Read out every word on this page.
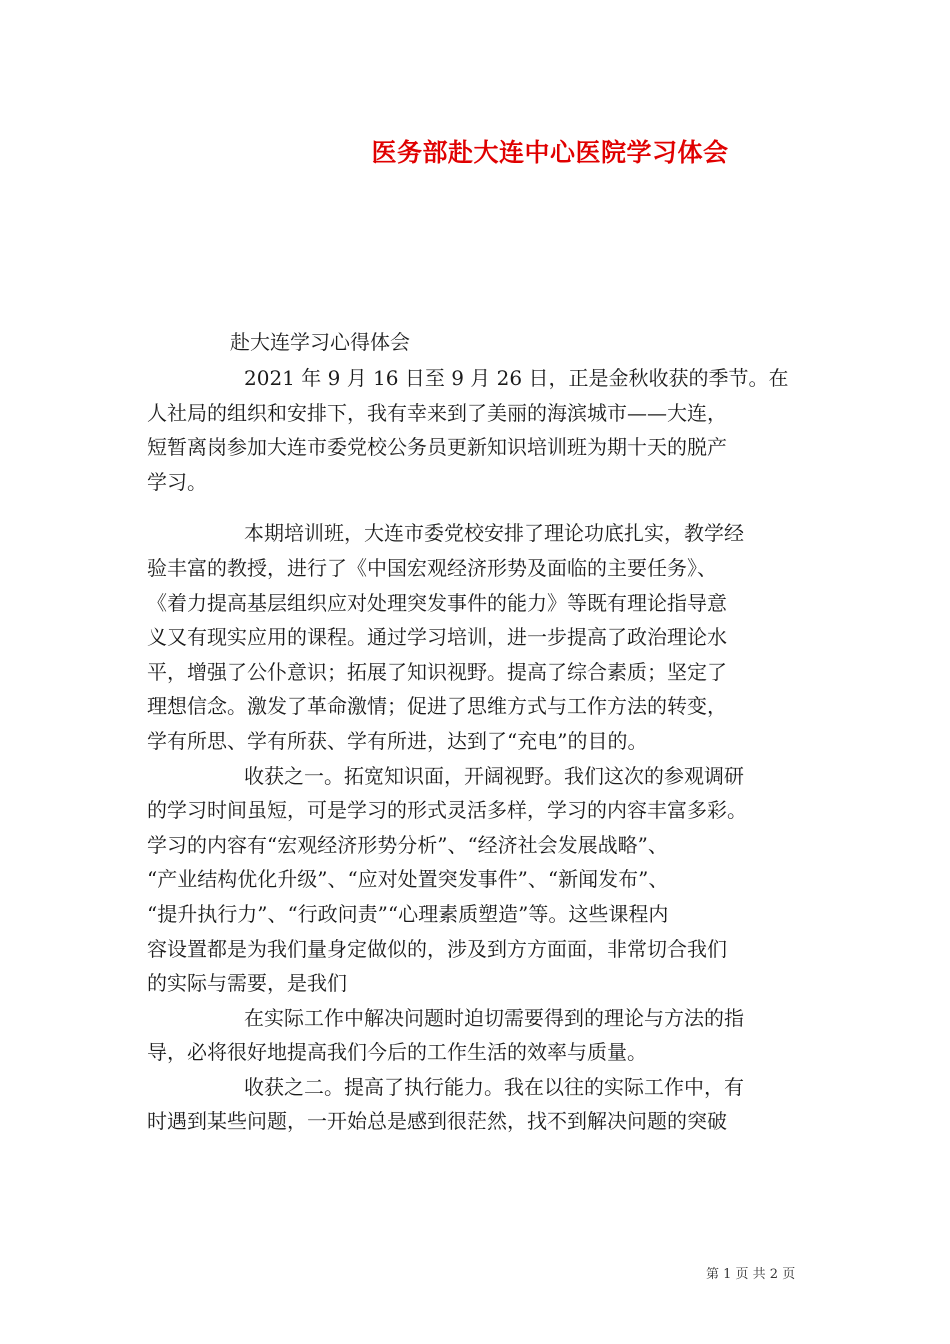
医务部赴大连中心医院学习体会
赴大连学习心得体会

2021 年 9 月 16 日至 9 月 26 日，正是金秋收获的季节。在
人社局的组织和安排下，我有幸来到了美丽的海滨城市——大连，
短暂离岗参加大连市委党校公务员更新知识培训班为期十天的脱产
学习。

本期培训班，大连市委党校安排了理论功底扎实，教学经
验丰富的教授，进行了《中国宏观经济形势及面临的主要任务》、
《着力提高基层组织应对处理突发事件的能力》等既有理论指导意
义又有现实应用的课程。通过学习培训，进一步提高了政治理论水
平，增强了公仆意识；拓展了知识视野。提高了综合素质；坚定了
理想信念。激发了革命激情；促进了思维方式与工作方法的转变，
学有所思、学有所获、学有所进，达到了“充电”的目的。

收获之一。拓宽知识面，开阔视野。我们这次的参观调研
的学习时间虽短，可是学习的形式灵活多样，学习的内容丰富多彩。
学习的内容有“宏观经济形势分析”、“经济社会发展战略”、
“产业结构优化升级”、“应对处置突发事件”、“新闻发布”、
“提升执行力”、“行政问责”“心理素质塑造”等。这些课程内
容设置都是为我们量身定做似的，涉及到方方面面，非常切合我们
的实际与需要，是我们

在实际工作中解决问题时迫切需要得到的理论与方法的指
导，必将很好地提高我们今后的工作生活的效率与质量。

收获之二。提高了执行能力。我在以往的实际工作中，有
时遇到某些问题，一开始总是感到很茫然，找不到解决问题的突破

第 1 页 共 2 页
